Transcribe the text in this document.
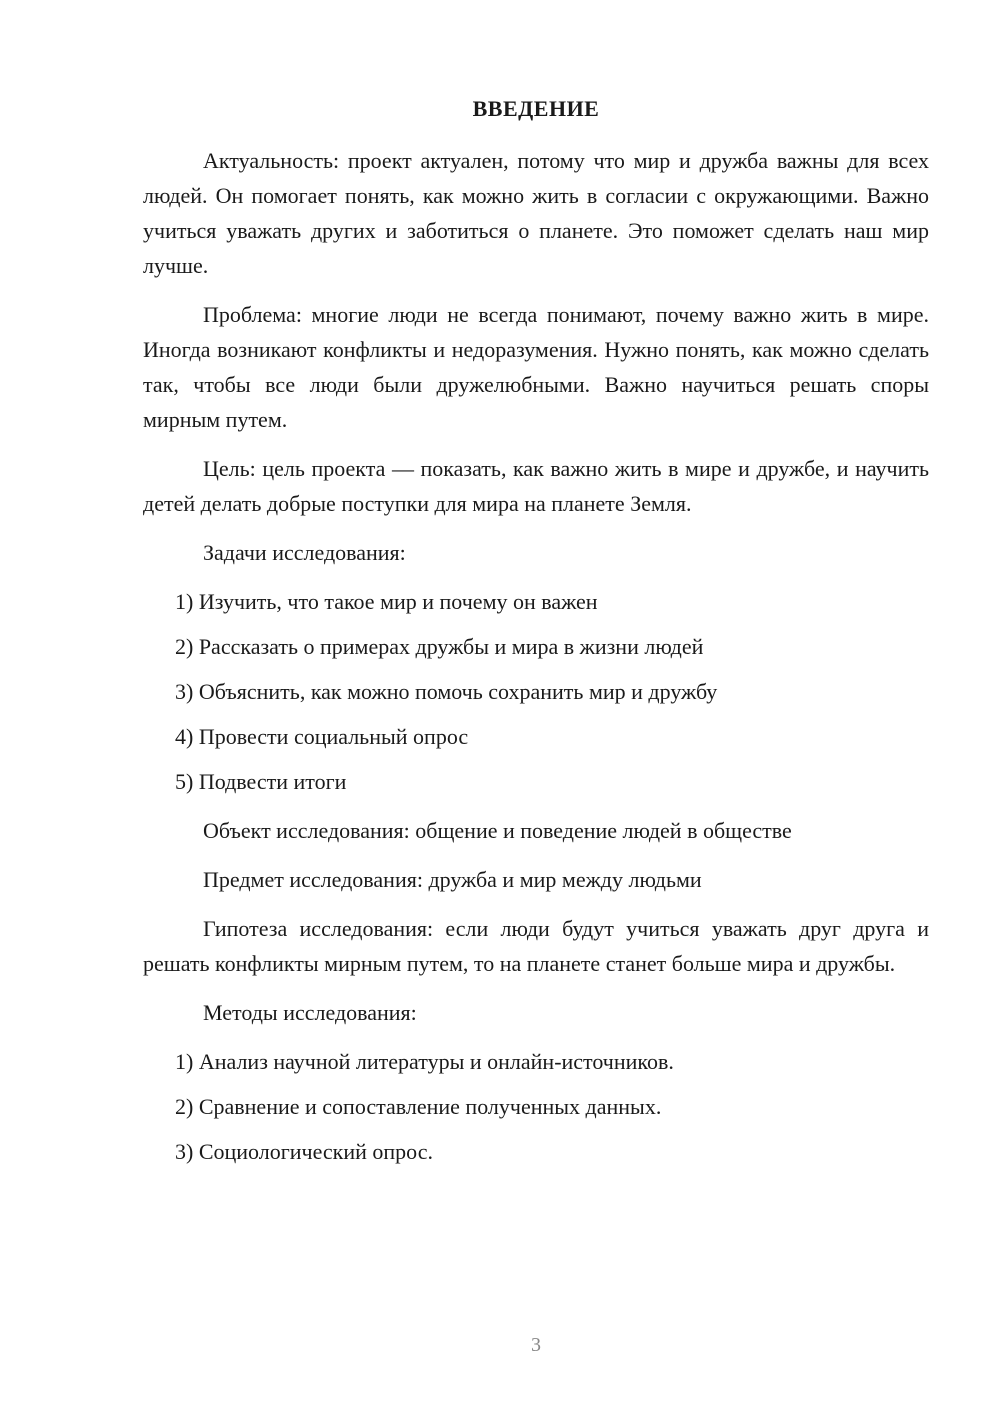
ВВЕДЕНИЕ

Актуальность: проект актуален, потому что мир и дружба важны для всех людей. Он помогает понять, как можно жить в согласии с окружающими. Важно учиться уважать других и заботиться о планете. Это поможет сделать наш мир лучше.

Проблема: многие люди не всегда понимают, почему важно жить в мире. Иногда возникают конфликты и недоразумения. Нужно понять, как можно сделать так, чтобы все люди были дружелюбными. Важно научиться решать споры мирным путем.

Цель: цель проекта — показать, как важно жить в мире и дружбе, и научить детей делать добрые поступки для мира на планете Земля.

Задачи исследования:

1) Изучить, что такое мир и почему он важен

2) Рассказать о примерах дружбы и мира в жизни людей

3) Объяснить, как можно помочь сохранить мир и дружбу

4) Провести социальный опрос

5) Подвести итоги

Объект исследования: общение и поведение людей в обществе

Предмет исследования: дружба и мир между людьми

Гипотеза исследования: если люди будут учиться уважать друг друга и решать конфликты мирным путем, то на планете станет больше мира и дружбы.

Методы исследования:

1) Анализ научной литературы и онлайн-источников.

2) Сравнение и сопоставление полученных данных.

3) Социологический опрос.

3
